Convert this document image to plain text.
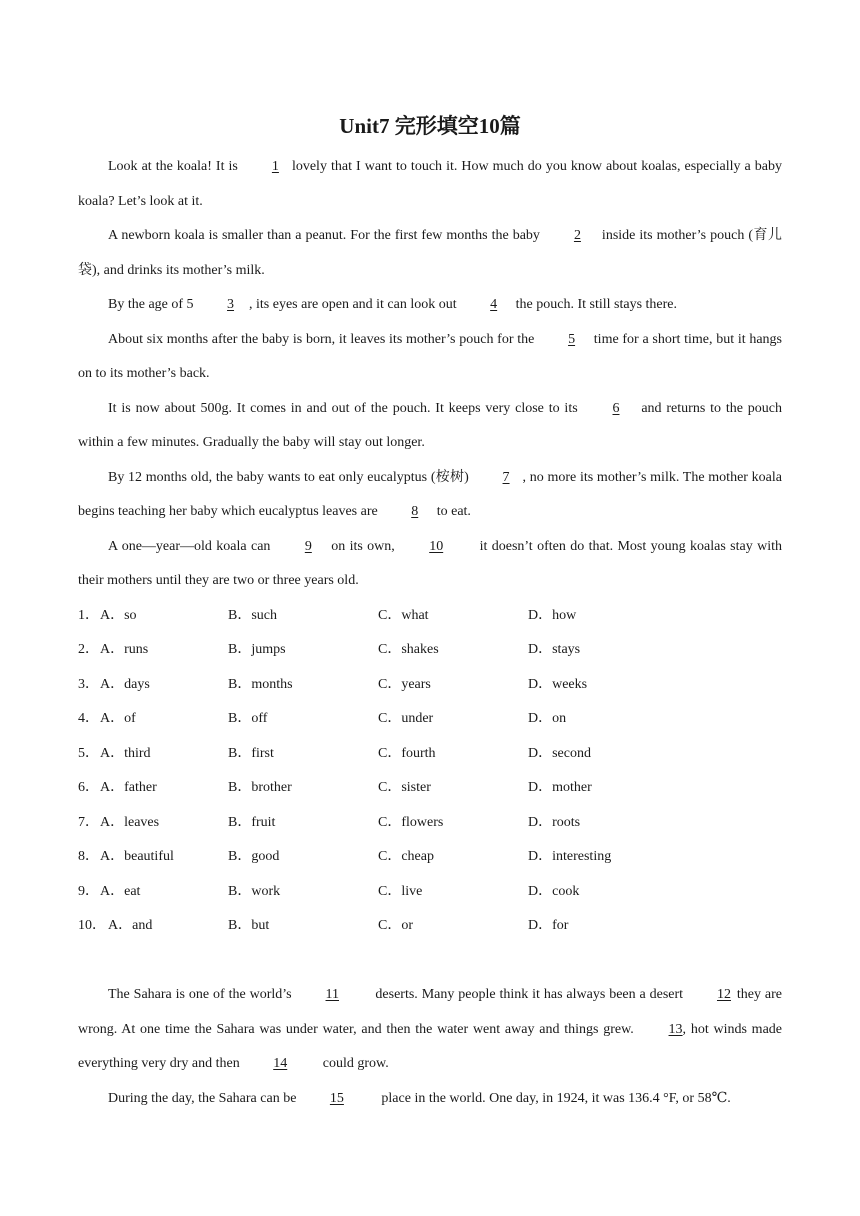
Unit7 完形填空10篇

Look at the koala! It is 1 lovely that I want to touch it. How much do you know about koalas, especially a baby koala? Let’s look at it.

A newborn koala is smaller than a peanut. For the first few months the baby 2 inside its mother’s pouch (育儿袋), and drinks its mother’s milk.

By the age of 5 3 , its eyes are open and it can look out 4 the pouch. It still stays there.

About six months after the baby is born, it leaves its mother’s pouch for the 5 time for a short time, but it hangs on to its mother’s back.

It is now about 500g. It comes in and out of the pouch. It keeps very close to its 6 and returns to the pouch within a few minutes. Gradually the baby will stay out longer.

By 12 months old, the baby wants to eat only eucalyptus (桉树) 7 , no more its mother’s milk. The mother koala begins teaching her baby which eucalyptus leaves are 8 to eat.

A one—year—old koala can 9 on its own, 10 it doesn’t often do that. Most young koalas stay with their mothers until they are two or three years old.

1． A．so	B．such	C．what	D．how
2． A．runs	B．jumps	C．shakes	D．stays
3． A．days	B．months	C．years	D．weeks
4． A．of	B．off	C．under	D．on
5． A．third	B．first	C．fourth	D．second
6． A．father	B．brother	C．sister	D．mother
7． A．leaves	B．fruit	C．flowers	D．roots
8． A．beautiful	B．good	C．cheap	D．interesting
9． A．eat	B．work	C．live	D．cook
10． A．and	B．but	C．or	D．for

The Sahara is one of the world’s 11 deserts. Many people think it has always been a desert 12 they are wrong. At one time the Sahara was under water, and then the water went away and things grew. 13, hot winds made everything very dry and then 14 could grow.

During the day, the Sahara can be 15 place in the world. One day, in 1924, it was 136.4 °F, or 58℃.
